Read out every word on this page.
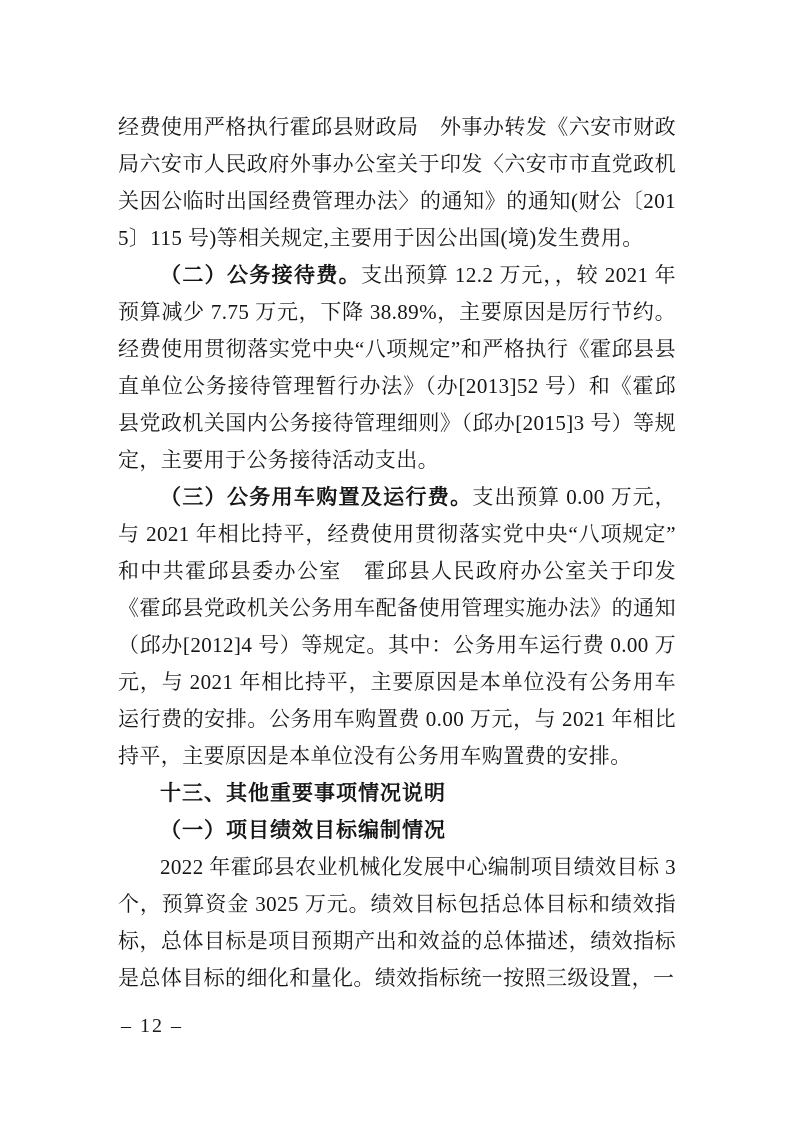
经费使用严格执行霍邱县财政局　外事办转发《六安市财政局六安市人民政府外事办公室关于印发〈六安市市直党政机关因公临时出国经费管理办法〉的通知》的通知(财公〔2015〕115 号)等相关规定,主要用于因公出国(境)发生费用。

（二）公务接待费。支出预算 12.2 万元，，较 2021 年预算减少 7.75 万元，下降 38.89%，主要原因是厉行节约。经费使用贯彻落实党中央“八项规定”和严格执行《霍邱县县直单位公务接待管理暂行办法》（办[2013]52 号）和《霍邱县党政机关国内公务接待管理细则》（邱办[2015]3 号）等规定，主要用于公务接待活动支出。

（三）公务用车购置及运行费。支出预算 0.00 万元，与 2021 年相比持平，经费使用贯彻落实党中央“八项规定”和中共霍邱县委办公室　霍邱县人民政府办公室关于印发《霍邱县党政机关公务用车配备使用管理实施办法》的通知（邱办[2012]4 号）等规定。其中：公务用车运行费 0.00 万元，与 2021 年相比持平，主要原因是本单位没有公务用车运行费的安排。公务用车购置费 0.00 万元，与 2021 年相比持平，主要原因是本单位没有公务用车购置费的安排。

十三、其他重要事项情况说明
（一）项目绩效目标编制情况

2022 年霍邱县农业机械化发展中心编制项目绩效目标 3 个，预算资金 3025 万元。绩效目标包括总体目标和绩效指标，总体目标是项目预期产出和效益的总体描述，绩效指标是总体目标的细化和量化。绩效指标统一按照三级设置，一

– 12 –
